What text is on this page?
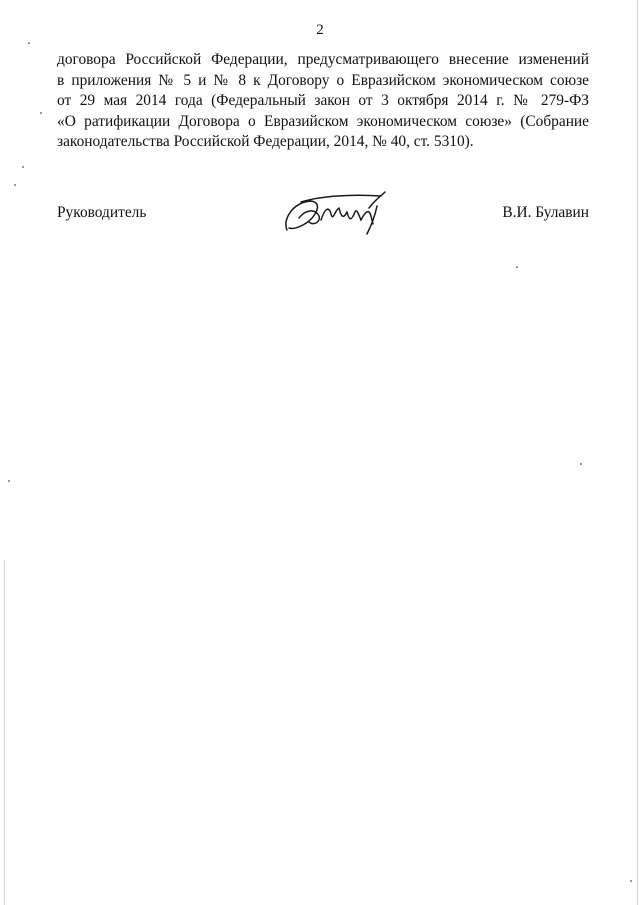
2
договора Российской Федерации, предусматривающего внесение изменений
в приложения № 5 и № 8 к Договору о Евразийском экономическом союзе
от 29 мая 2014 года (Федеральный закон от 3 октября 2014 г. № 279-ФЗ
«О ратификации Договора о Евразийском экономическом союзе» (Собрание
законодательства Российской Федерации, 2014, № 40, ст. 5310).
Руководитель	В.И. Булавин
